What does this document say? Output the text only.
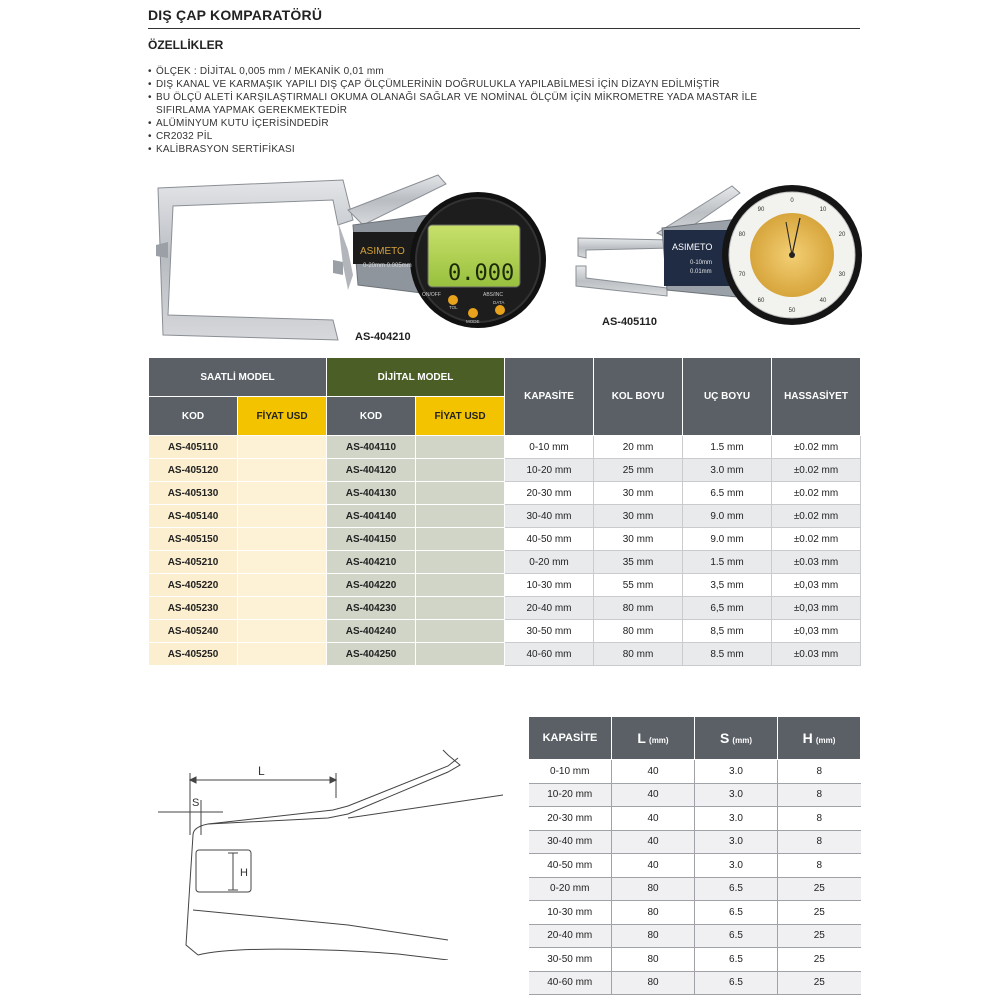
DIŞ ÇAP KOMPARATÖRÜ
ÖZELLİKLER
• ÖLÇEK : DİJİTAL 0,005 mm / MEKANİK 0,01 mm
• DIŞ KANAL VE KARMAŞIK YAPILI DIŞ ÇAP ÖLÇÜMLERİNİN DOĞRULUKLA YAPILABİLMESİ İÇİN DİZAYN EDİLMİŞTİR
• BU ÖLÇÜ ALETİ KARŞILAŞTIRMALI OKUMA OLANAĞI SAĞLAR VE NOMİNAL ÖLÇÜM İÇİN MİKROMETRE YADA MASTAR İLE SIFIRLAMA YAPMAK GEREKMEKTEDİR
• ALÜMİNYUM KUTU İÇERİSİNDEDİR
• CR2032 PİL
• KALİBRASYON SERTİFİKASI
ASIMETO
0.000
0-20mm 0.005mm
ON/OFF	ABS/INC
TOL
DATA
MODE
AS-404210
ASIMETO
0-10mm
0.01mm
0
10
20
30
40
50
60
70
80
90
AS-405110
SAATLİ MODEL		DİJİTAL MODEL		KAPASİTE	KOL BOYU	UÇ BOYU	HASSASİYET
KOD	FİYAT USD	KOD	FİYAT USD				
AS-405110		AS-404110		0-10 mm	20 mm	1.5 mm	±0.02 mm
AS-405120		AS-404120		10-20 mm	25 mm	3.0 mm	±0.02 mm
AS-405130		AS-404130		20-30 mm	30 mm	6.5 mm	±0.02 mm
AS-405140		AS-404140		30-40 mm	30 mm	9.0 mm	±0.02 mm
AS-405150		AS-404150		40-50 mm	30 mm	9.0 mm	±0.02 mm
AS-405210		AS-404210		0-20 mm	35 mm	1.5 mm	±0.03 mm
AS-405220		AS-404220		10-30 mm	55 mm	3,5 mm	±0,03 mm
AS-405230		AS-404230		20-40 mm	80 mm	6,5 mm	±0,03 mm
AS-405240		AS-404240		30-50 mm	80 mm	8,5 mm	±0,03 mm
AS-405250		AS-404250		40-60 mm	80 mm	8.5 mm	±0.03 mm
L
S
H
KAPASİTE	L (mm)	S (mm)	H (mm)
0-10 mm	40	3.0	8
10-20 mm	40	3.0	8
20-30 mm	40	3.0	8
30-40 mm	40	3.0	8
40-50 mm	40	3.0	8
0-20 mm	80	6.5	25
10-30 mm	80	6.5	25
20-40 mm	80	6.5	25
30-50 mm	80	6.5	25
40-60 mm	80	6.5	25
